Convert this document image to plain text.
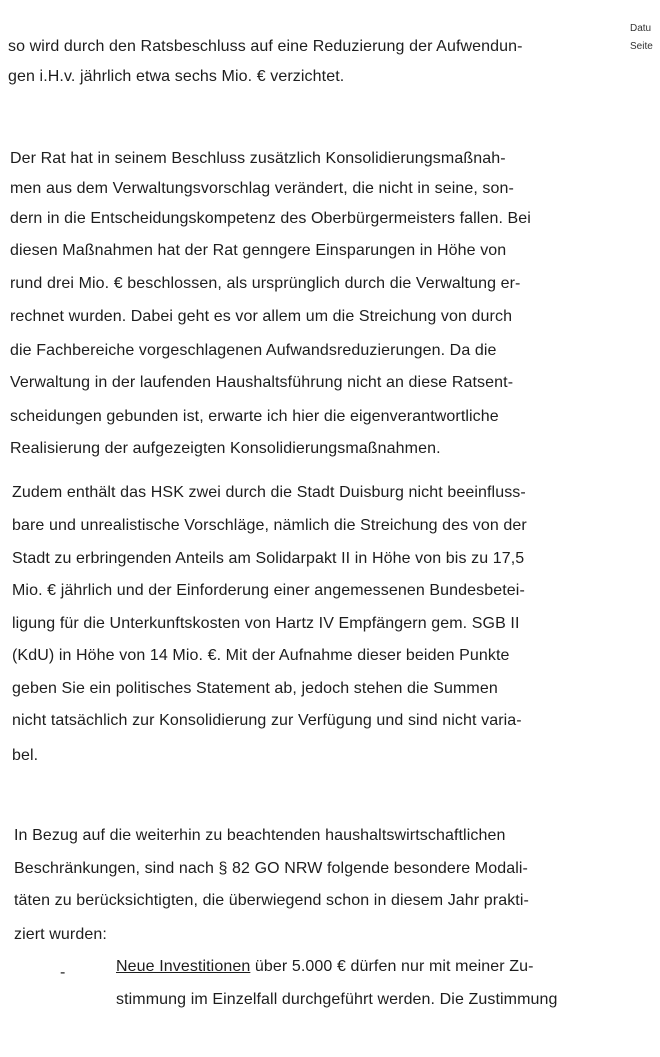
Datu
Seite
so wird durch den Ratsbeschluss auf eine Reduzierung der Aufwendun-
gen i.H.v. jährlich etwa sechs Mio. € verzichtet.
Der Rat hat in seinem Beschluss zusätzlich Konsolidierungsmaßnah-
men aus dem Verwaltungsvorschlag verändert, die nicht in seine, son-
dern in die Entscheidungskompetenz des Oberbürgermeisters fallen. Bei
diesen Maßnahmen hat der Rat genngere Einsparungen in Höhe von
rund drei Mio. € beschlossen, als ursprünglich durch die Verwaltung er-
rechnet wurden. Dabei geht es vor allem um die Streichung von durch
die Fachbereiche vorgeschlagenen Aufwandsreduzierungen. Da die
Verwaltung in der laufenden Haushaltsführung nicht an diese Ratsent-
scheidungen gebunden ist, erwarte ich hier die eigenverantwortliche
Realisierung der aufgezeigten Konsolidierungsmaßnahmen.
Zudem enthält das HSK zwei durch die Stadt Duisburg nicht beeinfluss-
bare und unrealistische Vorschläge, nämlich die Streichung des von der
Stadt zu erbringenden Anteils am Solidarpakt II in Höhe von bis zu 17,5
Mio. € jährlich und der Einforderung einer angemessenen Bundesbetei-
ligung für die Unterkunftskosten von Hartz IV Empfängern gem. SGB II
(KdU) in Höhe von 14 Mio. €. Mit der Aufnahme dieser beiden Punkte
geben Sie ein politisches Statement ab, jedoch stehen die Summen
nicht tatsächlich zur Konsolidierung zur Verfügung und sind nicht varia-
bel.
In Bezug auf die weiterhin zu beachtenden haushaltswirtschaftlichen
Beschränkungen, sind nach § 82 GO NRW folgende besondere Modali-
täten zu berücksichtigten, die überwiegend schon in diesem Jahr prakti-
ziert wurden:
-	Neue Investitionen über 5.000 € dürfen nur mit meiner Zu-
stimmung im Einzelfall durchgeführt werden. Die Zustimmung
